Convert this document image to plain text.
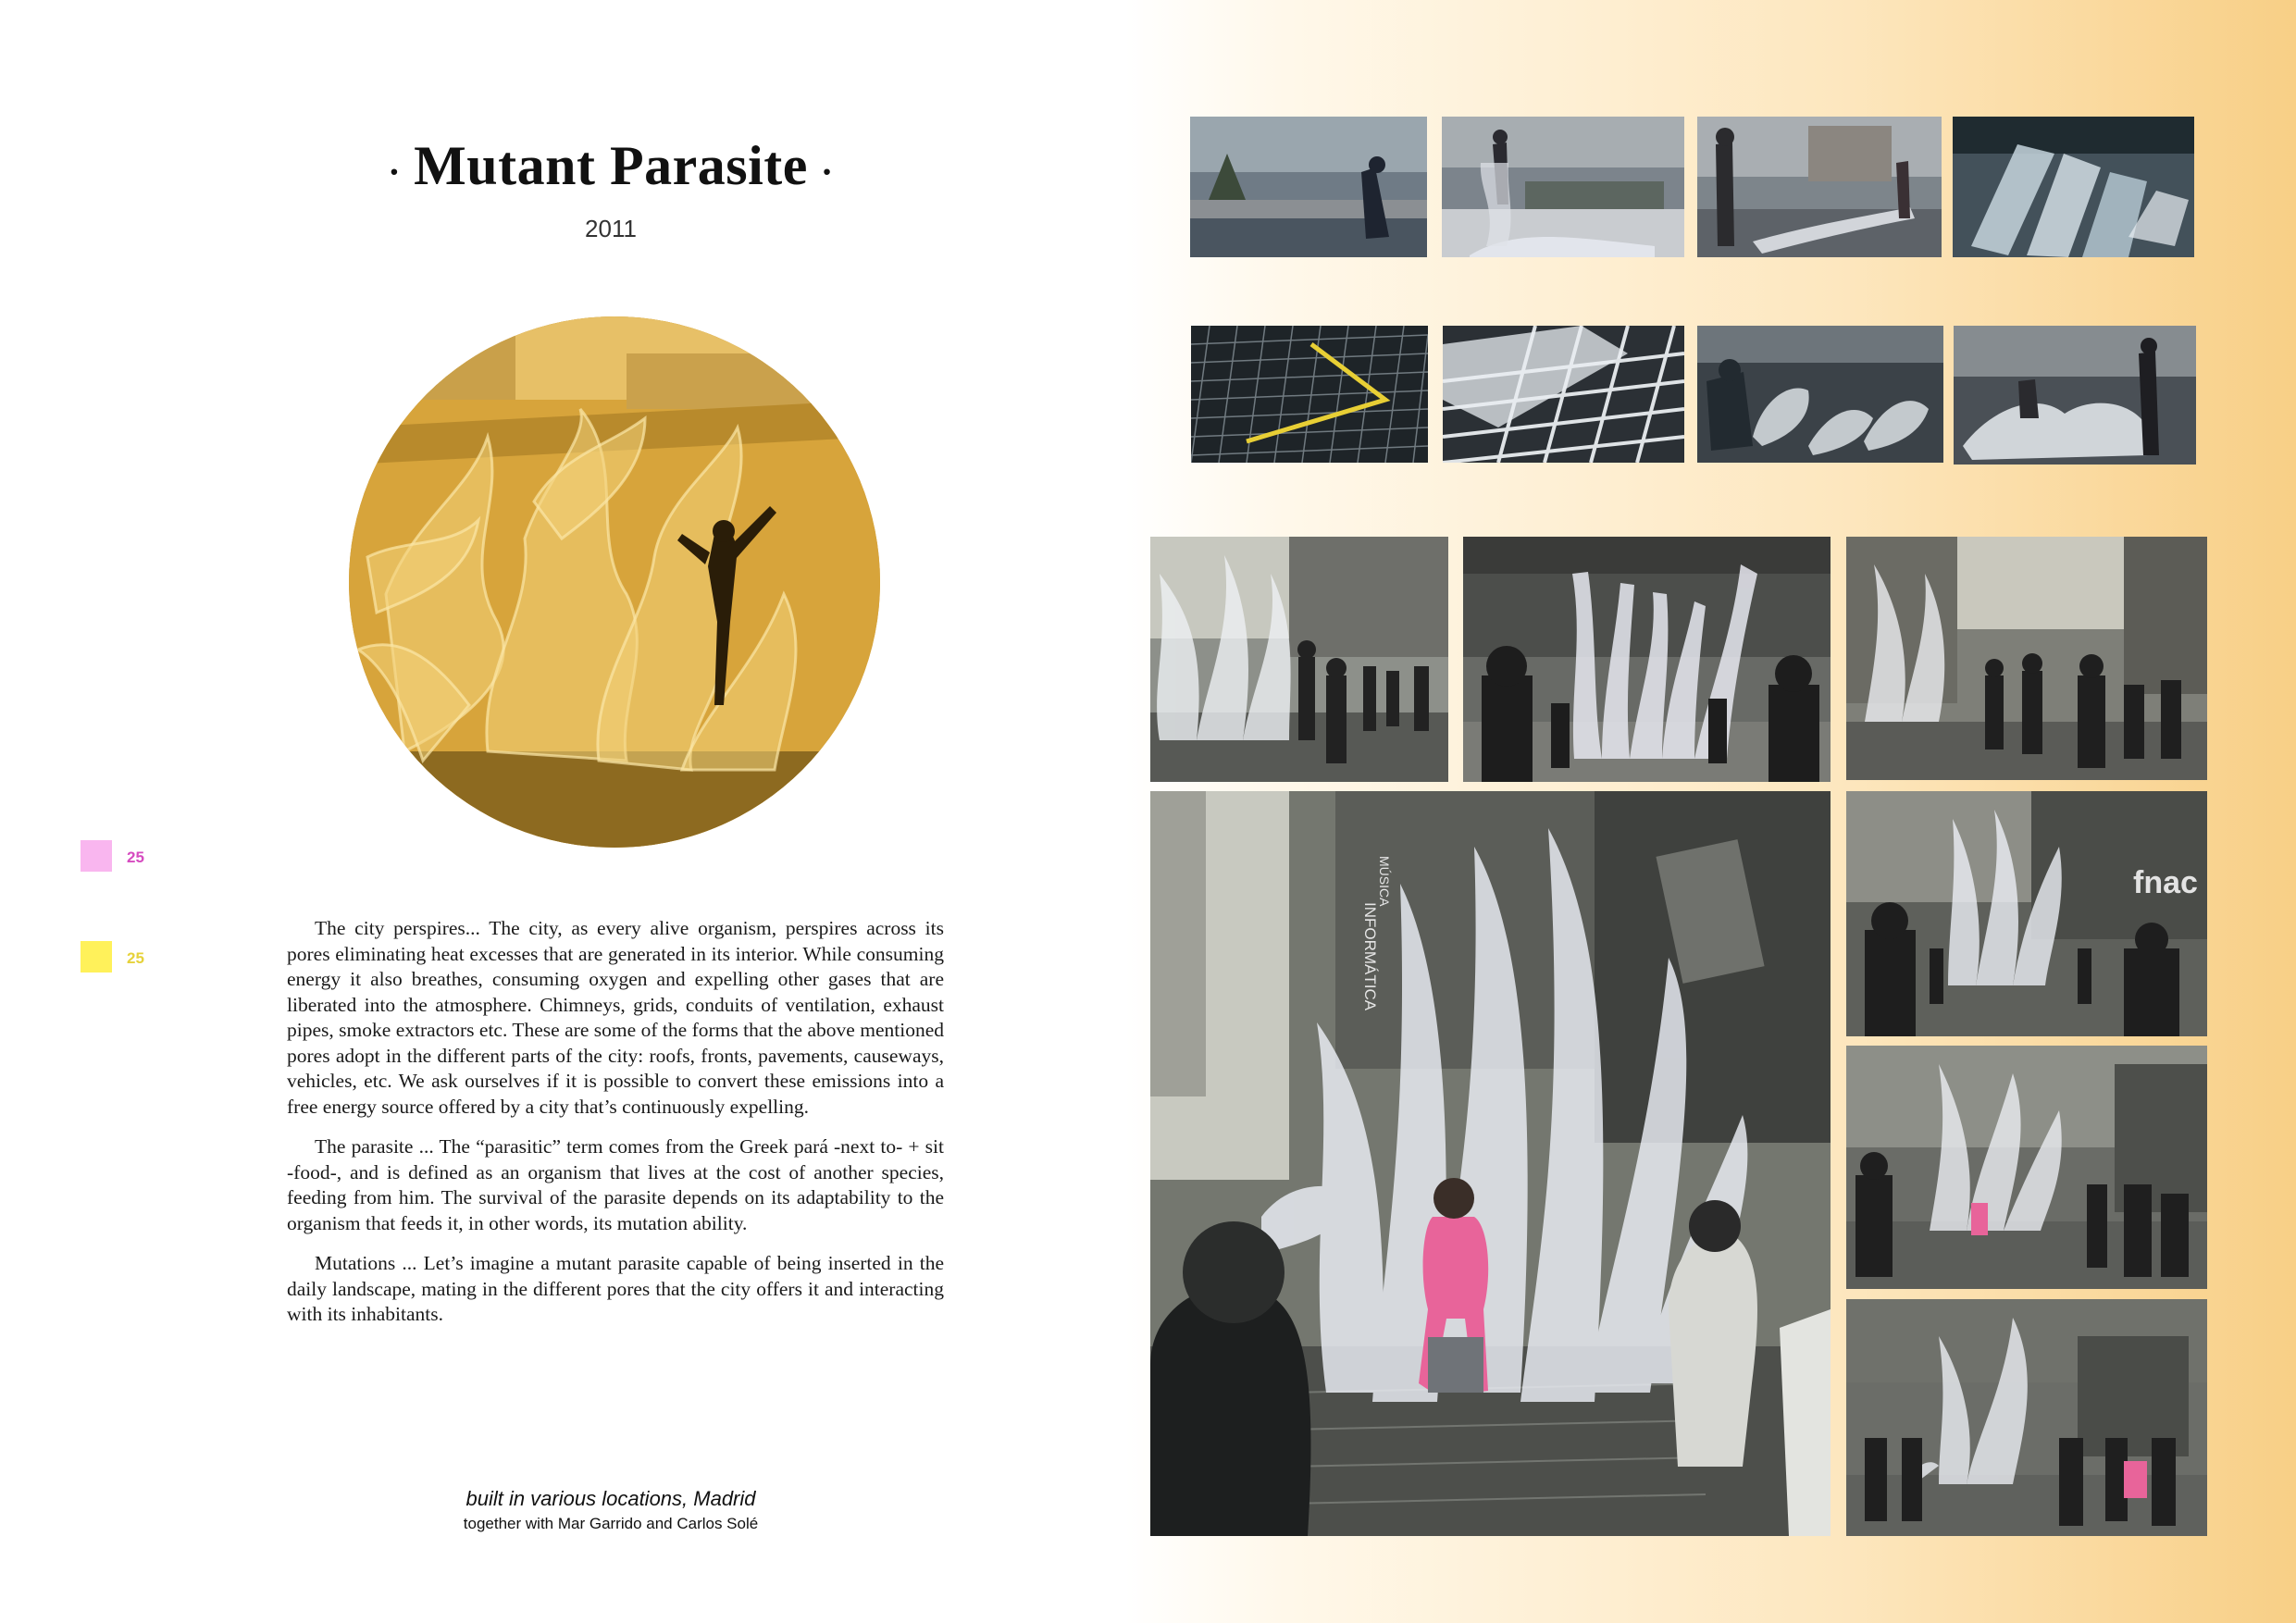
· Mutant Parasite ·
2011
25
25

The city perspires... The city, as every alive organism, perspires across its pores eliminating heat excesses that are generated in its interior. While consuming energy it also breathes, consuming oxygen and expelling other gases that are liberated into the atmosphere. Chimneys, grids, conduits of ventilation, exhaust pipes, smoke extractors etc. These are some of the forms that the above mentioned pores adopt in the different parts of the city: roofs, fronts, pavements, causeways, vehicles, etc. We ask ourselves if it is possible to convert these emissions into a free energy source offered by a city that’s continuously expelling.

The parasite ... The “parasitic” term comes from the Greek pará -next to- + sit -food-, and is defined as an organism that lives at the cost of another species, feeding from him. The survival of the parasite depends on its adaptability to the organism that feeds it, in other words, its mutation ability.

Mutations ... Let’s imagine a mutant parasite capable of being inserted in the daily landscape, mating in the different pores that the city offers it and interacting with its inhabitants.

built in various locations, Madrid
together with Mar Garrido and Carlos Solé
INFORMÁTICA
MÚSICA	fnac
